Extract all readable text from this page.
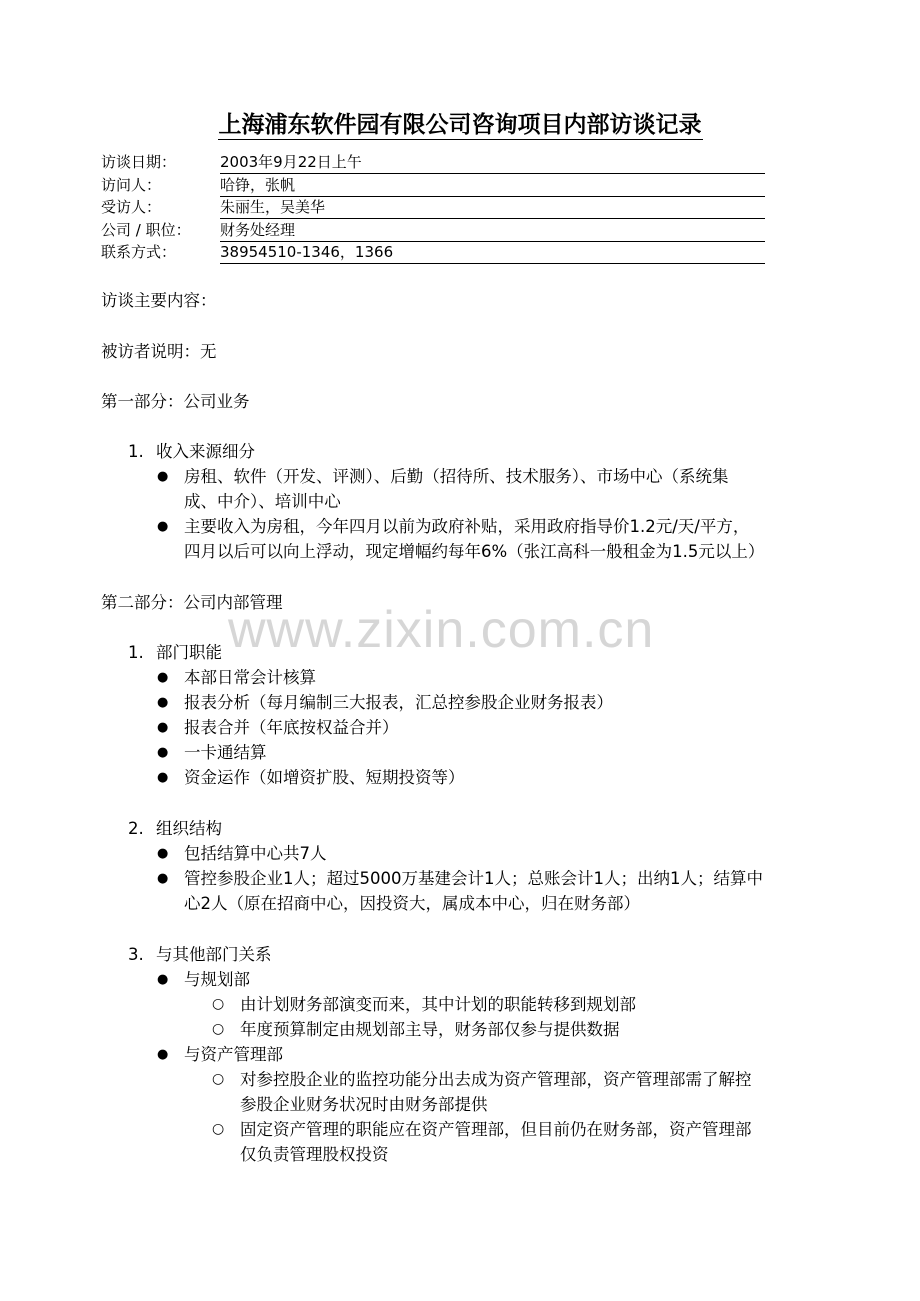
上海浦东软件园有限公司咨询项目内部访谈记录
访谈日期：	2003年9月22日上午
访问人：	哈铮，张帆
受访人：	朱丽生，吴美华
公司 / 职位： 财务处经理
联系方式：	38954510-1346，1366
访谈主要内容：
被访者说明：无
第一部分：公司业务
1. 收入来源细分
● 房租、软件（开发、评测）、后勤（招待所、技术服务）、市场中心（系统集
成、中介）、培训中心
● 主要收入为房租，今年四月以前为政府补贴，采用政府指导价1.2元/天/平方，
四月以后可以向上浮动，现定增幅约每年6%（张江高科一般租金为1.5元以上）
第二部分：公司内部管理
1. 部门职能
● 本部日常会计核算
● 报表分析（每月编制三大报表，汇总控参股企业财务报表）
● 报表合并（年底按权益合并）
● 一卡通结算
● 资金运作（如增资扩股、短期投资等）
2. 组织结构
● 包括结算中心共7人
● 管控参股企业1人；超过5000万基建会计1人；总账会计1人；出纳1人；结算中
心2人（原在招商中心，因投资大，属成本中心，归在财务部）
3. 与其他部门关系
● 与规划部
○ 由计划财务部演变而来，其中计划的职能转移到规划部
○ 年度预算制定由规划部主导，财务部仅参与提供数据
● 与资产管理部
○ 对参控股企业的监控功能分出去成为资产管理部，资产管理部需了解控
参股企业财务状况时由财务部提供
○ 固定资产管理的职能应在资产管理部，但目前仍在财务部，资产管理部
仅负责管理股权投资
www.zixin.com.cn
